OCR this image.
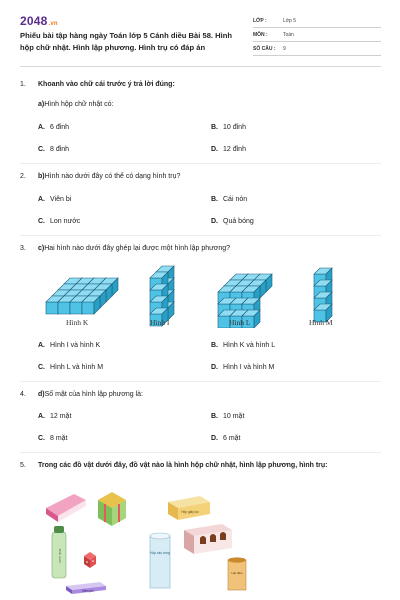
2048.vn
Phiếu bài tập hàng ngày Toán lớp 5 Cánh diều Bài 58. Hình hộp chữ nhật. Hình lập phương. Hình trụ có đáp án
LỚP :	Lớp 5
MÔN :	Toán
SỐ CÂU :	9
1.	Khoanh vào chữ cái trước ý trả lời đúng:
a)Hình hộp chữ nhật có:
A. 6 đỉnh	B. 10 đỉnh
C. 8 đỉnh	D. 12 đỉnh
2.	b)Hình nào dưới đây có thể có dạng hình trụ?
A. Viên bi	B. Cái nón
C. Lon nước	D. Quả bóng
3.	c)Hai hình nào dưới đây ghép lại được một hình lập phương?
Hình K	Hình I	Hình L	Hình M
A. Hình I và hình K	B. Hình K và hình L
C. Hình L và hình M	D. Hình I và hình M
4.	d)Số mặt của hình lập phương là:
A. 12 mặt	B. 10 mặt
C. 8 mặt	D. 6 mặt
5.	Trong các đồ vật dưới đây, đồ vật nào là hình hộp chữ nhật, hình lập phương, hình trụ:
Hộp giấy lọc
Bình nước
Đèn pin
Hộp cầu vồng
Hạt điều
